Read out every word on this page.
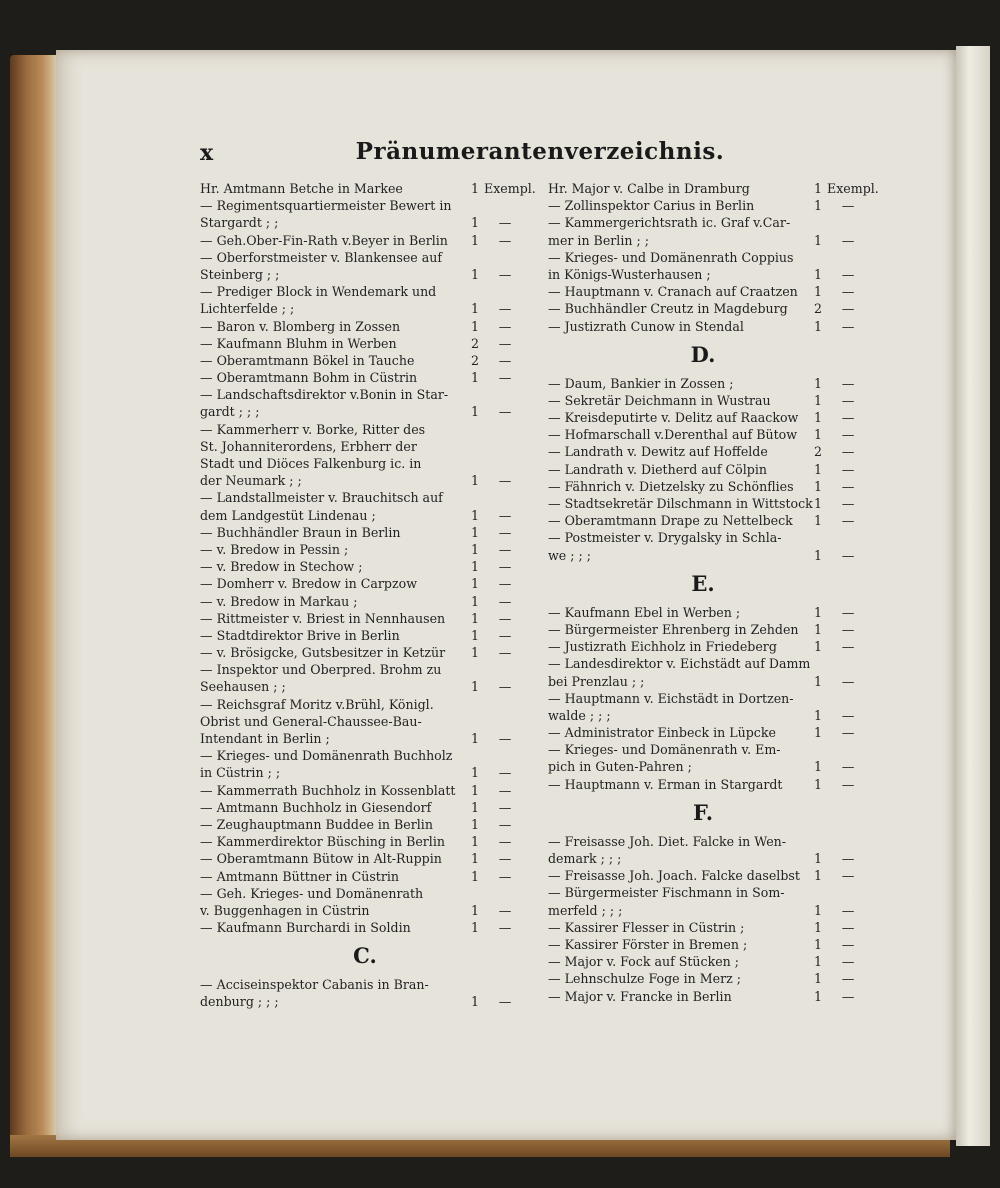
x	Pränumerantenverzeichnis.
Hr. Amtmann Betche in Markee	1 Exempl.
— Regimentsquartiermeister Bewert in
Stargardt ; ;	1	—
— Geh.Ober-Fin-Rath v.Beyer in Berlin 1	—
— Oberforstmeister v. Blankensee auf
Steinberg ; ;	1	—
— Prediger Block in Wendemark und
Lichterfelde ; ;	1	—
— Baron v. Blomberg in Zossen	1	—
— Kaufmann Bluhm in Werben	2	—
— Oberamtmann Bökel in Tauche	2	—
— Oberamtmann Bohm in Cüstrin	1	—
— Landschaftsdirektor v.Bonin in Star-
gardt ; ; ;	1	—
— Kammerherr v. Borke, Ritter des
St. Johanniterordens, Erbherr der
Stadt und Diöces Falkenburg ic. in
der Neumark ; ;	1	—
— Landstallmeister v. Brauchitsch auf
dem Landgestüt Lindenau ;	1	—
— Buchhändler Braun in Berlin	1	—
— v. Bredow in Pessin ;	1	—
— v. Bredow in Stechow ;	1	—
— Domherr v. Bredow in Carpzow	1	—
— v. Bredow in Markau ;	1	—
— Rittmeister v. Briest in Nennhausen 1	—
— Stadtdirektor Brive in Berlin	1	—
— v. Brösigcke, Gutsbesitzer in Ketzür 1	—
— Inspektor und Oberpred. Brohm zu
Seehausen ; ;	1	—
— Reichsgraf Moritz v.Brühl, Königl.
Obrist und General-Chaussee-Bau-
Intendant in Berlin ;	1	—
— Krieges- und Domänenrath Buchholz
in Cüstrin ; ;	1	—
— Kammerrath Buchholz in Kossenblatt 1	—
— Amtmann Buchholz in Giesendorf	1	—
— Zeughauptmann Buddee in Berlin	1	—
— Kammerdirektor Büsching in Berlin 1	—
— Oberamtmann Bütow in Alt-Ruppin 1	—
— Amtmann Büttner in Cüstrin	1	—
— Geh. Krieges- und Domänenrath
v. Buggenhagen in Cüstrin	1	—
— Kaufmann Burchardi in Soldin	1	—
C.
— Acciseinspektor Cabanis in Bran-
denburg ; ; ;	1	—
Hr. Major v. Calbe in Dramburg	1 Exempl.
— Zollinspektor Carius in Berlin	1	—
— Kammergerichtsrath ic. Graf v.Car-
mer in Berlin ; ;	1	—
— Krieges- und Domänenrath Coppius
in Königs-Wusterhausen ;	1	—
— Hauptmann v. Cranach auf Craatzen 1	—
— Buchhändler Creutz in Magdeburg 2	—
— Justizrath Cunow in Stendal	1	—
D.
— Daum, Bankier in Zossen ;	1	—
— Sekretär Deichmann in Wustrau	1	—
— Kreisdeputirte v. Delitz auf Raackow 1	—
— Hofmarschall v.Derenthal auf Bütow 1	—
— Landrath v. Dewitz auf Hoffelde	2	—
— Landrath v. Dietherd auf Cölpin	1	—
— Fähnrich v. Dietzelsky zu Schönflies 1	—
— Stadtsekretär Dilschmann in Wittstock 1	—
— Oberamtmann Drape zu Nettelbeck 1	—
— Postmeister v. Drygalsky in Schla-
we ; ; ;	1	—
E.
— Kaufmann Ebel in Werben ;	1	—
— Bürgermeister Ehrenberg in Zehden 1	—
— Justizrath Eichholz in Friedeberg	1	—
— Landesdirektor v. Eichstädt auf Damm
bei Prenzlau ; ;	1	—
— Hauptmann v. Eichstädt in Dortzen-
walde ; ; ;	1	—
— Administrator Einbeck in Lüpcke	1	—
— Krieges- und Domänenrath v. Em-
pich in Guten-Pahren ;	1	—
— Hauptmann v. Erman in Stargardt	1	—
F.
— Freisasse Joh. Diet. Falcke in Wen-
demark ; ; ;	1	—
— Freisasse Joh. Joach. Falcke daselbst 1	—
— Bürgermeister Fischmann in Som-
merfeld ; ; ;	1	—
— Kassirer Flesser in Cüstrin ;	1	—
— Kassirer Förster in Bremen ;	1	—
— Major v. Fock auf Stücken ;	1	—
— Lehnschulze Foge in Merz ;	1	—
— Major v. Francke in Berlin	1	—
